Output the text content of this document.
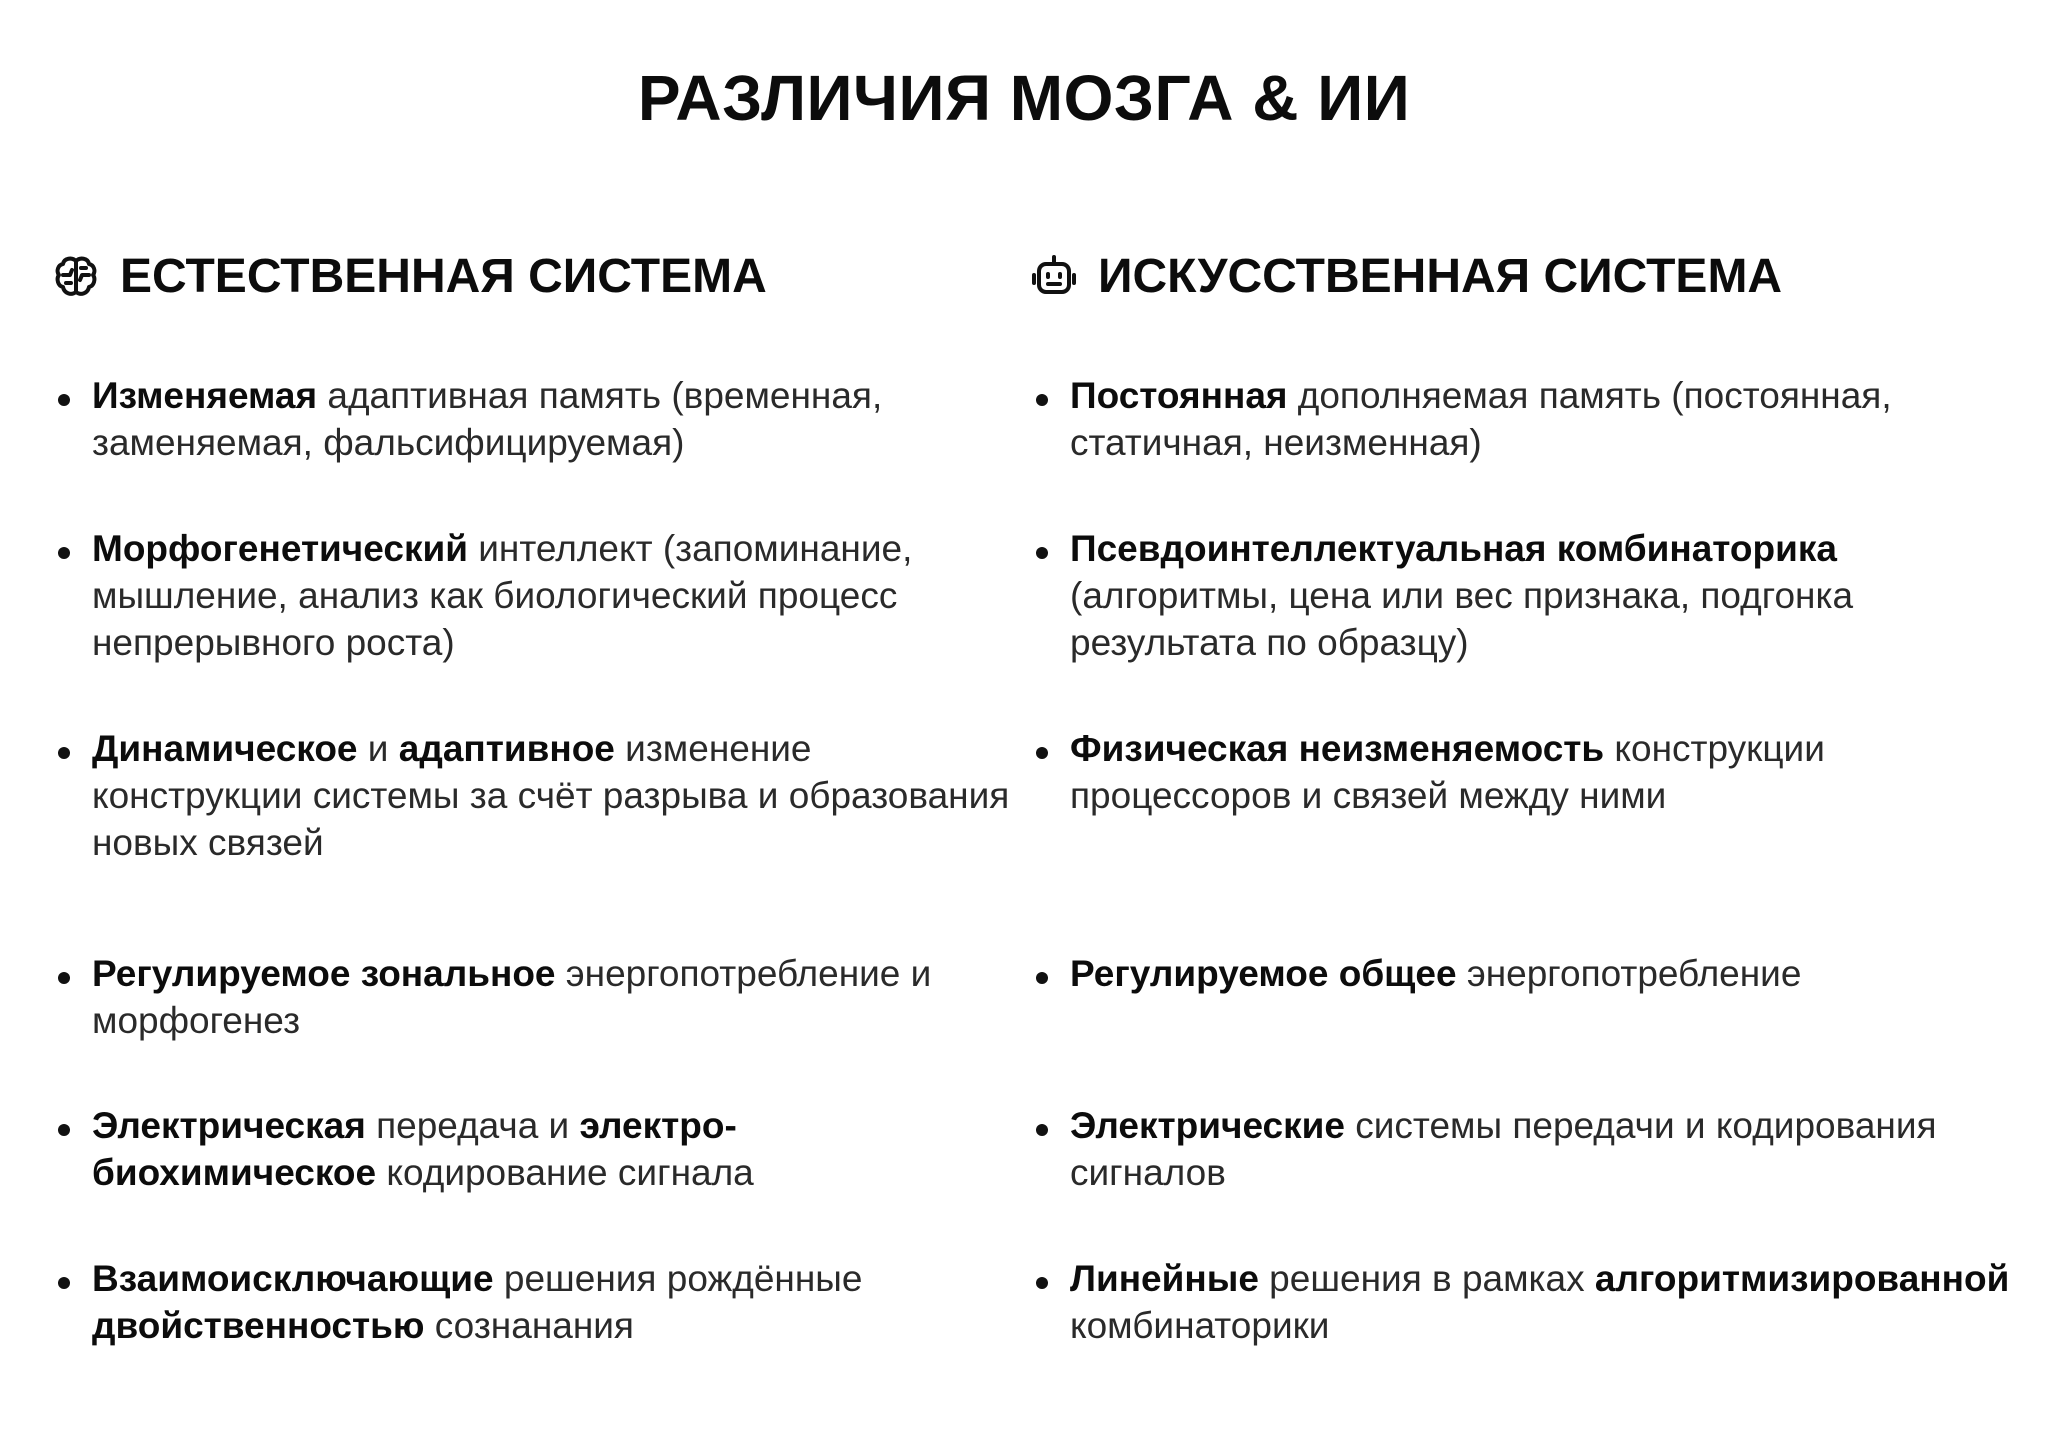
РАЗЛИЧИЯ МОЗГА & ИИ
ЕСТЕСТВЕННАЯ СИСТЕМА
Изменяемая адаптивная память (временная, заменяемая, фальсифицируемая)
Морфогенетический интеллект (запоминание, мышление, анализ как биологический процесс непрерывного роста)
Динамическое и адаптивное изменение конструкции системы за счёт разрыва и образования новых связей
Регулируемое зональное энергопотребление и морфогенез
Электрическая передача и электро-биохимическое кодирование сигнала
Взаимоисключающие решения рождённые двойственностью сознанания
ИСКУССТВЕННАЯ СИСТЕМА
Постоянная дополняемая память (постоянная, статичная, неизменная)
Псевдоинтеллектуальная комбинаторика (алгоритмы, цена или вес признака, подгонка результата по образцу)
Физическая неизменяемость конструкции процессоров и связей между ними
Регулируемое общее энергопотребление
Электрические системы передачи и кодирования сигналов
Линейные решения в рамках алгоритмизированной комбинаторики
